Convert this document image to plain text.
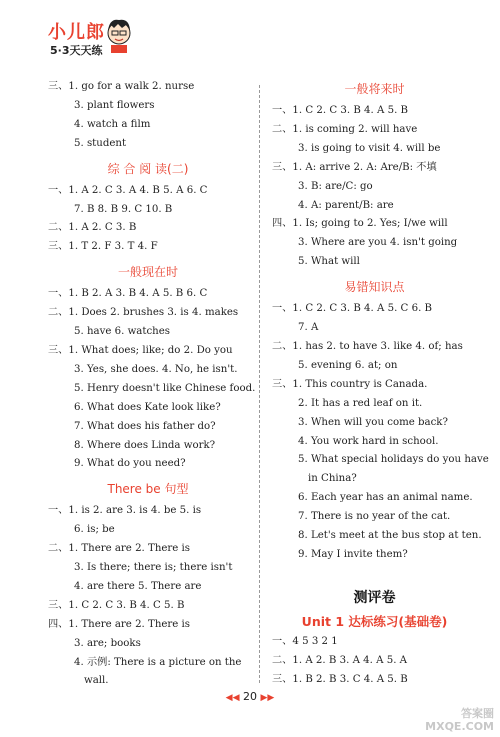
小儿郎
5·3天天练
三、1. go for a walk 2. nurse
3. plant flowers
4. watch a film
5. student
综 合 阅 读(二)
一、1. A 2. C 3. A 4. B 5. A 6. C
7. B 8. B 9. C 10. B
二、1. A 2. C 3. B
三、1. T 2. F 3. T 4. F
一般现在时
一、1. B 2. A 3. B 4. A 5. B 6. C
二、1. Does 2. brushes 3. is 4. makes
5. have 6. watches
三、1. What does; like; do 2. Do you
3. Yes, she does. 4. No, he isn't.
5. Henry doesn't like Chinese food.
6. What does Kate look like?
7. What does his father do?
8. Where does Linda work?
9. What do you need?
There be 句型
一、1. is 2. are 3. is 4. be 5. is
6. is; be
二、1. There are 2. There is
3. Is there; there is; there isn't
4. are there 5. There are
三、1. C 2. C 3. B 4. C 5. B
四、1. There are 2. There is
3. are; books
4. 示例: There is a picture on the
wall.
一般将来时
一、1. C 2. C 3. B 4. A 5. B
二、1. is coming 2. will have
3. is going to visit 4. will be
三、1. A: arrive 2. A: Are/B: 不填
3. B: are/C: go
4. A: parent/B: are
四、1. Is; going to 2. Yes; I/we will
3. Where are you 4. isn't going
5. What will
易错知识点
一、1. C 2. C 3. B 4. A 5. C 6. B
7. A
二、1. has 2. to have 3. like 4. of; has
5. evening 6. at; on
三、1. This country is Canada.
2. It has a red leaf on it.
3. When will you come back?
4. You work hard in school.
5. What special holidays do you have
in China?
6. Each year has an animal name.
7. There is no year of the cat.
8. Let's meet at the bus stop at ten.
9. May I invite them?
测评卷
Unit 1 达标练习(基础卷)
一、4 5 3 2 1
二、1. A 2. B 3. A 4. A 5. A
三、1. B 2. B 3. C 4. A 5. B
◀◀ 20 ▶▶
答案圈
MXQE.COM
